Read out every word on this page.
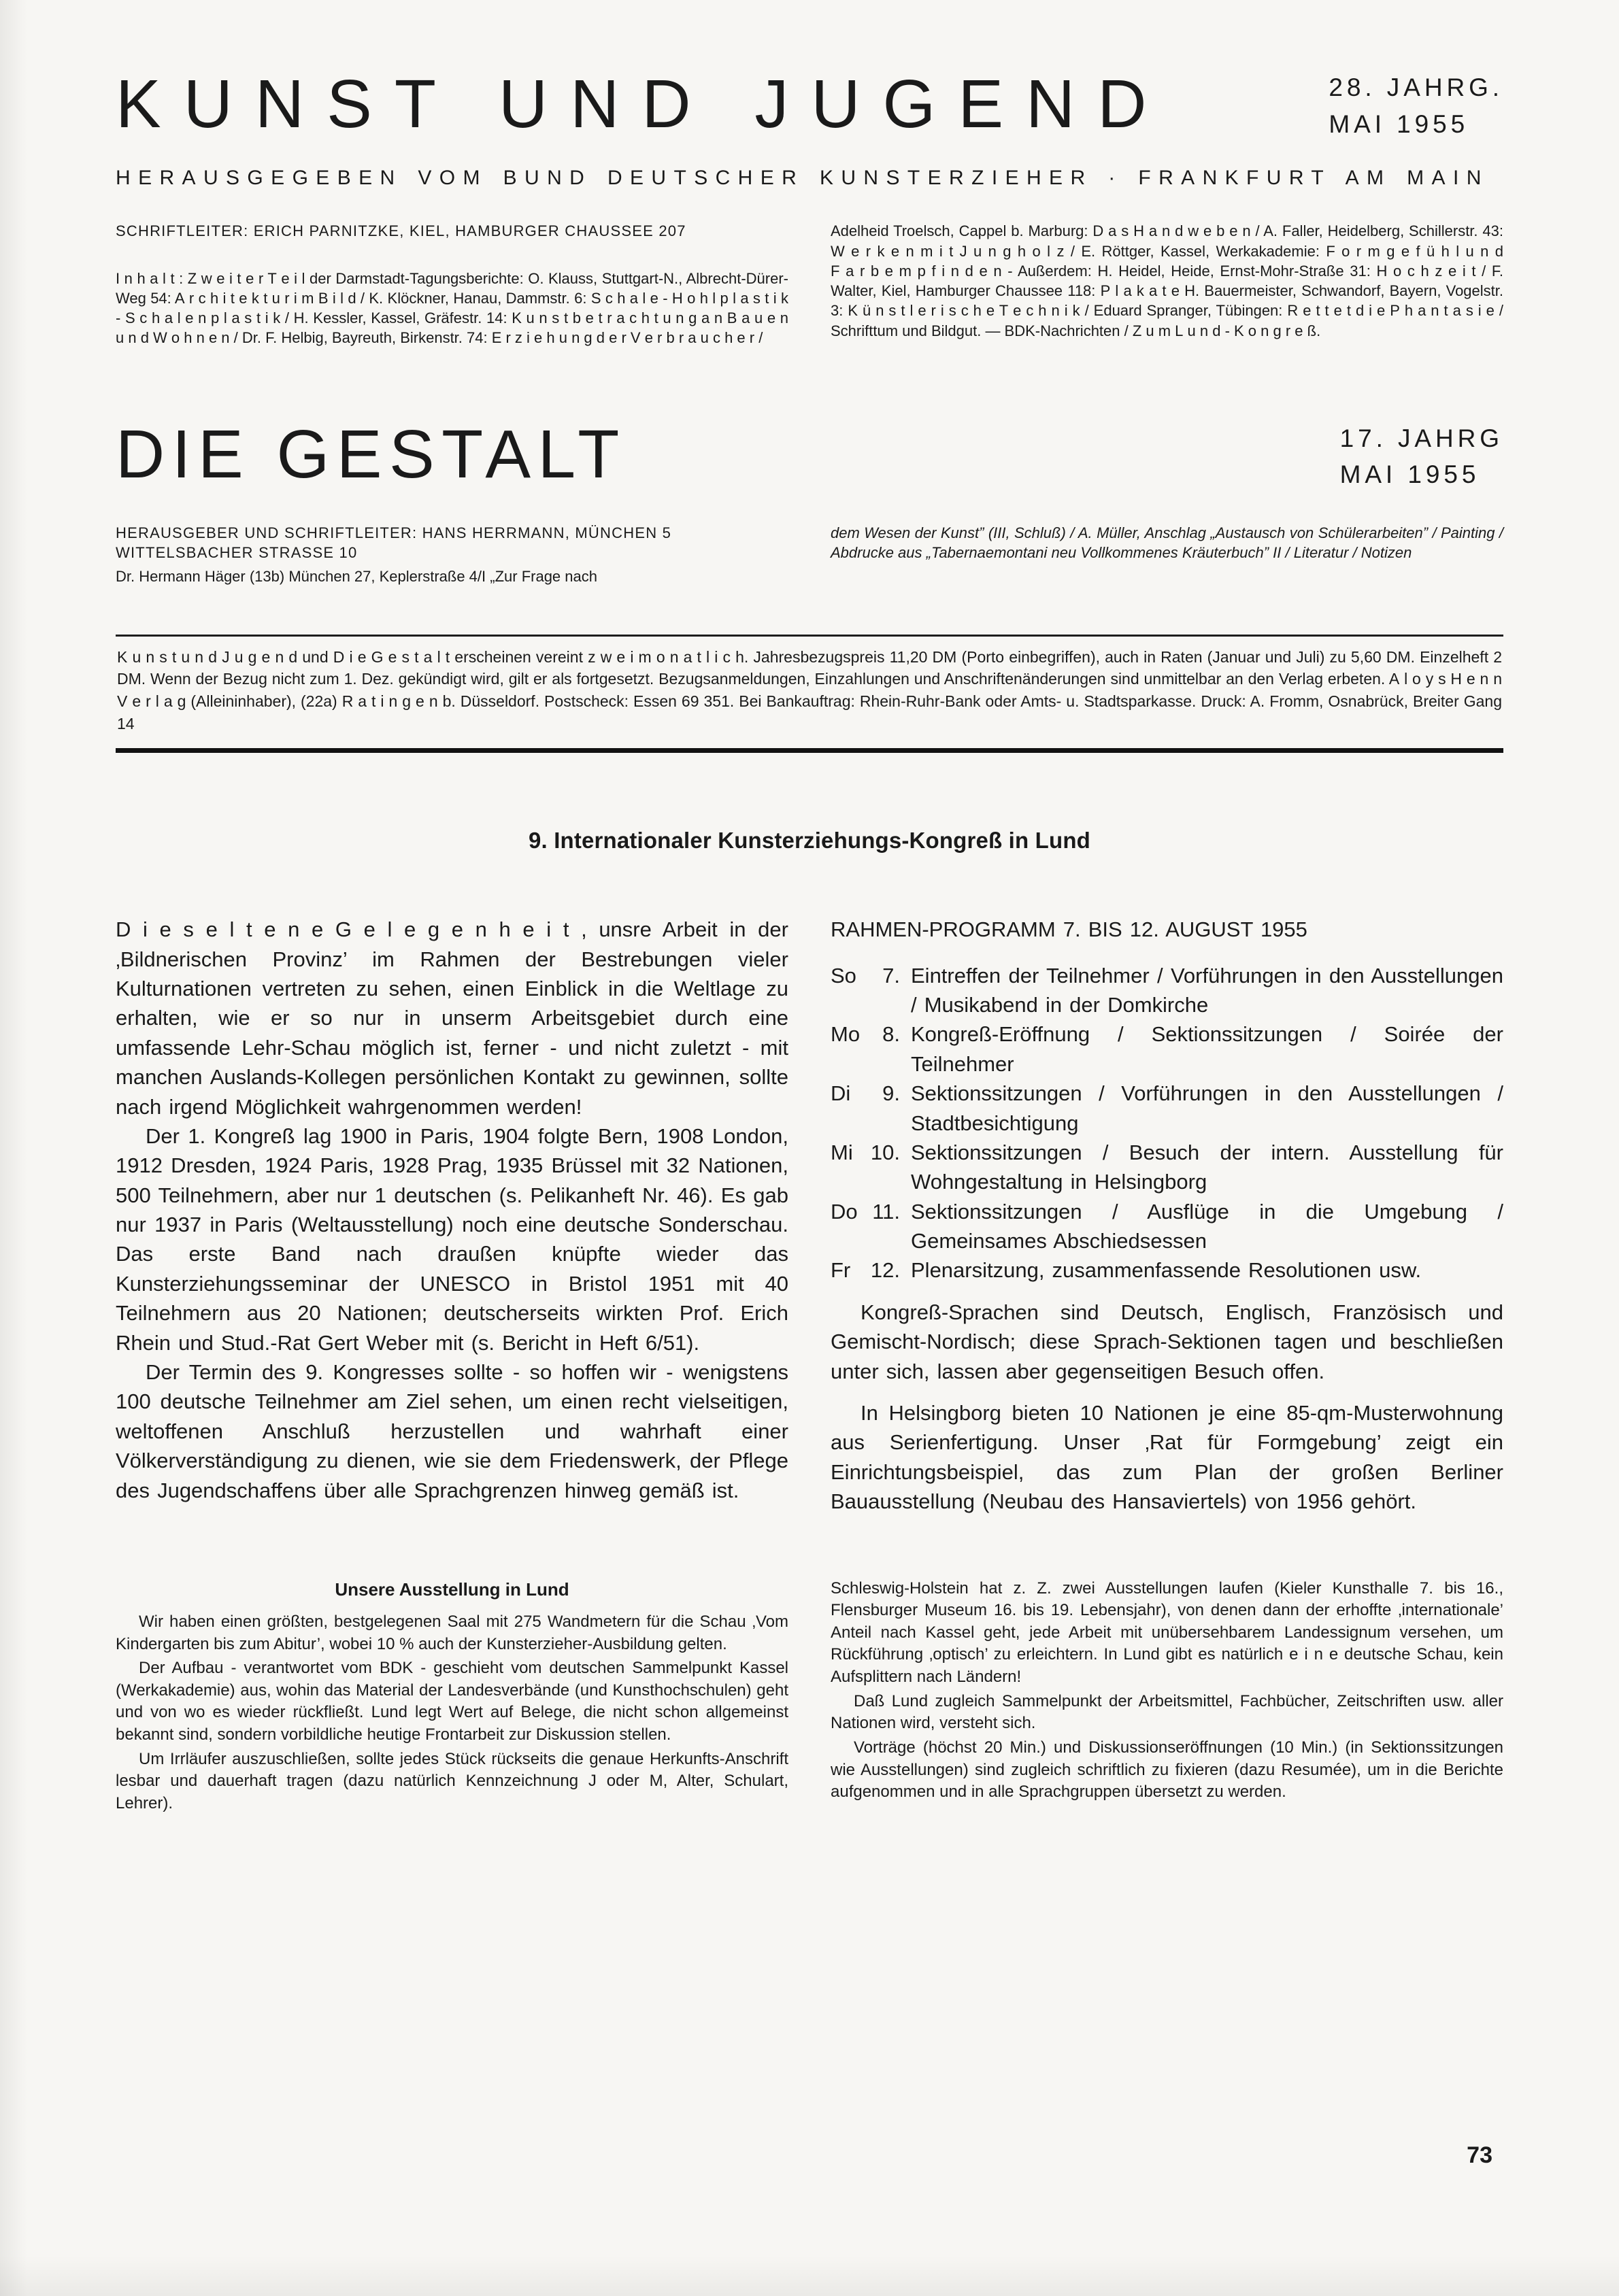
KUNST UND JUGEND	28. JAHRG.
MAI 1955
HERAUSGEGEBEN VOM BUND DEUTSCHER KUNSTERZIEHER · FRANKFURT AM MAIN

SCHRIFTLEITER: ERICH PARNITZKE, KIEL, HAMBURGER CHAUSSEE 207

I n h a l t : Z w e i t e r T e i l der Darmstadt-Tagungsberichte: O. Klauss, Stuttgart-N., Albrecht-Dürer-Weg 54: A r c h i t e k t u r i m B i l d / K. Klöckner, Hanau, Dammstr. 6: S c h a l e - H o h l p l a s t i k - S c h a l e n p l a s t i k / H. Kessler, Kassel, Gräfestr. 14: K u n s t b e t r a c h t u n g a n B a u e n u n d W o h n e n / Dr. F. Helbig, Bayreuth, Birkenstr. 74: E r z i e h u n g d e r V e r b r a u c h e r /

Adelheid Troelsch, Cappel b. Marburg: D a s H a n d w e b e n / A. Faller, Heidelberg, Schillerstr. 43: W e r k e n m i t J u n g h o l z / E. Röttger, Kassel, Werkakademie: F o r m g e f ü h l u n d F a r b e m p f i n d e n - Außerdem: H. Heidel, Heide, Ernst-Mohr-Straße 31: H o c h z e i t / F. Walter, Kiel, Hamburger Chaussee 118: P l a k a t e H. Bauermeister, Schwandorf, Bayern, Vogelstr. 3: K ü n s t l e r i s c h e T e c h n i k / Eduard Spranger, Tübingen: R e t t e t d i e P h a n t a s i e / Schrifttum und Bildgut. — BDK-Nachrichten / Z u m L u n d - K o n g r e ß.

DIE GESTALT	17. JAHRG
MAI 1955

HERAUSGEBER UND SCHRIFTLEITER: HANS HERRMANN, MÜNCHEN 5 WITTELSBACHER STRASSE 10

Dr. Hermann Häger (13b) München 27, Keplerstraße 4/I „Zur Frage nach

dem Wesen der Kunst” (III, Schluß) / A. Müller, Anschlag „Austausch von Schülerarbeiten” / Painting / Abdrucke aus „Tabernaemontani neu Vollkommenes Kräuterbuch” II / Literatur / Notizen

K u n s t u n d J u g e n d und D i e G e s t a l t erscheinen vereint z w e i m o n a t l i c h. Jahresbezugspreis 11,20 DM (Porto einbegriffen), auch in Raten (Januar und Juli) zu 5,60 DM. Einzelheft 2 DM. Wenn der Bezug nicht zum 1. Dez. gekündigt wird, gilt er als fortgesetzt. Bezugsanmeldungen, Einzahlungen und Anschriftenänderungen sind unmittelbar an den Verlag erbeten. A l o y s H e n n V e r l a g (Alleininhaber), (22a) R a t i n g e n b. Düsseldorf. Postscheck: Essen 69 351. Bei Bankauftrag: Rhein-Ruhr-Bank oder Amts- u. Stadtsparkasse. Druck: A. Fromm, Osnabrück, Breiter Gang 14

9. Internationaler Kunsterziehungs-Kongreß in Lund

D i e s e l t e n e G e l e g e n h e i t , unsre Arbeit in der ‚Bildnerischen Provinz’ im Rahmen der Bestrebungen vieler Kulturnationen vertreten zu sehen, einen Einblick in die Weltlage zu erhalten, wie er so nur in unserm Arbeitsgebiet durch eine umfassende Lehr-Schau möglich ist, ferner - und nicht zuletzt - mit manchen Auslands-Kollegen persönlichen Kontakt zu gewinnen, sollte nach irgend Möglichkeit wahrgenommen werden!

Der 1. Kongreß lag 1900 in Paris, 1904 folgte Bern, 1908 London, 1912 Dresden, 1924 Paris, 1928 Prag, 1935 Brüssel mit 32 Nationen, 500 Teilnehmern, aber nur 1 deutschen (s. Pelikanheft Nr. 46). Es gab nur 1937 in Paris (Weltausstellung) noch eine deutsche Sonderschau. Das erste Band nach draußen knüpfte wieder das Kunsterziehungsseminar der UNESCO in Bristol 1951 mit 40 Teilnehmern aus 20 Nationen; deutscherseits wirkten Prof. Erich Rhein und Stud.-Rat Gert Weber mit (s. Bericht in Heft 6/51).

Der Termin des 9. Kongresses sollte - so hoffen wir - wenigstens 100 deutsche Teilnehmer am Ziel sehen, um einen recht vielseitigen, weltoffenen Anschluß herzustellen und wahrhaft einer Völkerverständigung zu dienen, wie sie dem Friedenswerk, der Pflege des Jugendschaffens über alle Sprachgrenzen hinweg gemäß ist.

RAHMEN-PROGRAMM 7. BIS 12. AUGUST 1955

So	7. Eintreffen der Teilnehmer / Vorführungen in den Ausstellungen / Musikabend in der Domkirche
Mo	8. Kongreß-Eröffnung / Sektionssitzungen / Soirée der Teilnehmer
Di	9. Sektionssitzungen / Vorführungen in den Ausstellungen / Stadtbesichtigung
Mi 10. Sektionssitzungen / Besuch der intern. Ausstellung für Wohngestaltung in Helsingborg
Do 11. Sektionssitzungen / Ausflüge in die Umgebung / Gemeinsames Abschiedsessen
Fr 12. Plenarsitzung, zusammenfassende Resolutionen usw.

Kongreß-Sprachen sind Deutsch, Englisch, Französisch und Gemischt-Nordisch; diese Sprach-Sektionen tagen und beschließen unter sich, lassen aber gegenseitigen Besuch offen.

In Helsingborg bieten 10 Nationen je eine 85-qm-Musterwohnung aus Serienfertigung. Unser ‚Rat für Formgebung’ zeigt ein Einrichtungsbeispiel, das zum Plan der großen Berliner Bauausstellung (Neubau des Hansaviertels) von 1956 gehört.

Unsere Ausstellung in Lund

Wir haben einen größten, bestgelegenen Saal mit 275 Wandmetern für die Schau ‚Vom Kindergarten bis zum Abitur’, wobei 10 % auch der Kunsterzieher-Ausbildung gelten.

Der Aufbau - verantwortet vom BDK - geschieht vom deutschen Sammelpunkt Kassel (Werkakademie) aus, wohin das Material der Landesverbände (und Kunsthochschulen) geht und von wo es wieder rückfließt. Lund legt Wert auf Belege, die nicht schon allgemeinst bekannt sind, sondern vorbildliche heutige Frontarbeit zur Diskussion stellen.

Um Irrläufer auszuschließen, sollte jedes Stück rückseits die genaue Herkunfts-Anschrift lesbar und dauerhaft tragen (dazu natürlich Kennzeichnung J oder M, Alter, Schulart, Lehrer).

Schleswig-Holstein hat z. Z. zwei Ausstellungen laufen (Kieler Kunsthalle 7. bis 16., Flensburger Museum 16. bis 19. Lebensjahr), von denen dann der erhoffte ‚internationale’ Anteil nach Kassel geht, jede Arbeit mit unübersehbarem Landessignum versehen, um Rückführung ‚optisch’ zu erleichtern. In Lund gibt es natürlich e i n e deutsche Schau, kein Aufsplittern nach Ländern!

Daß Lund zugleich Sammelpunkt der Arbeitsmittel, Fachbücher, Zeitschriften usw. aller Nationen wird, versteht sich.

Vorträge (höchst 20 Min.) und Diskussionseröffnungen (10 Min.) (in Sektionssitzungen wie Ausstellungen) sind zugleich schriftlich zu fixieren (dazu Resumée), um in die Berichte aufgenommen und in alle Sprachgruppen übersetzt zu werden.

73
